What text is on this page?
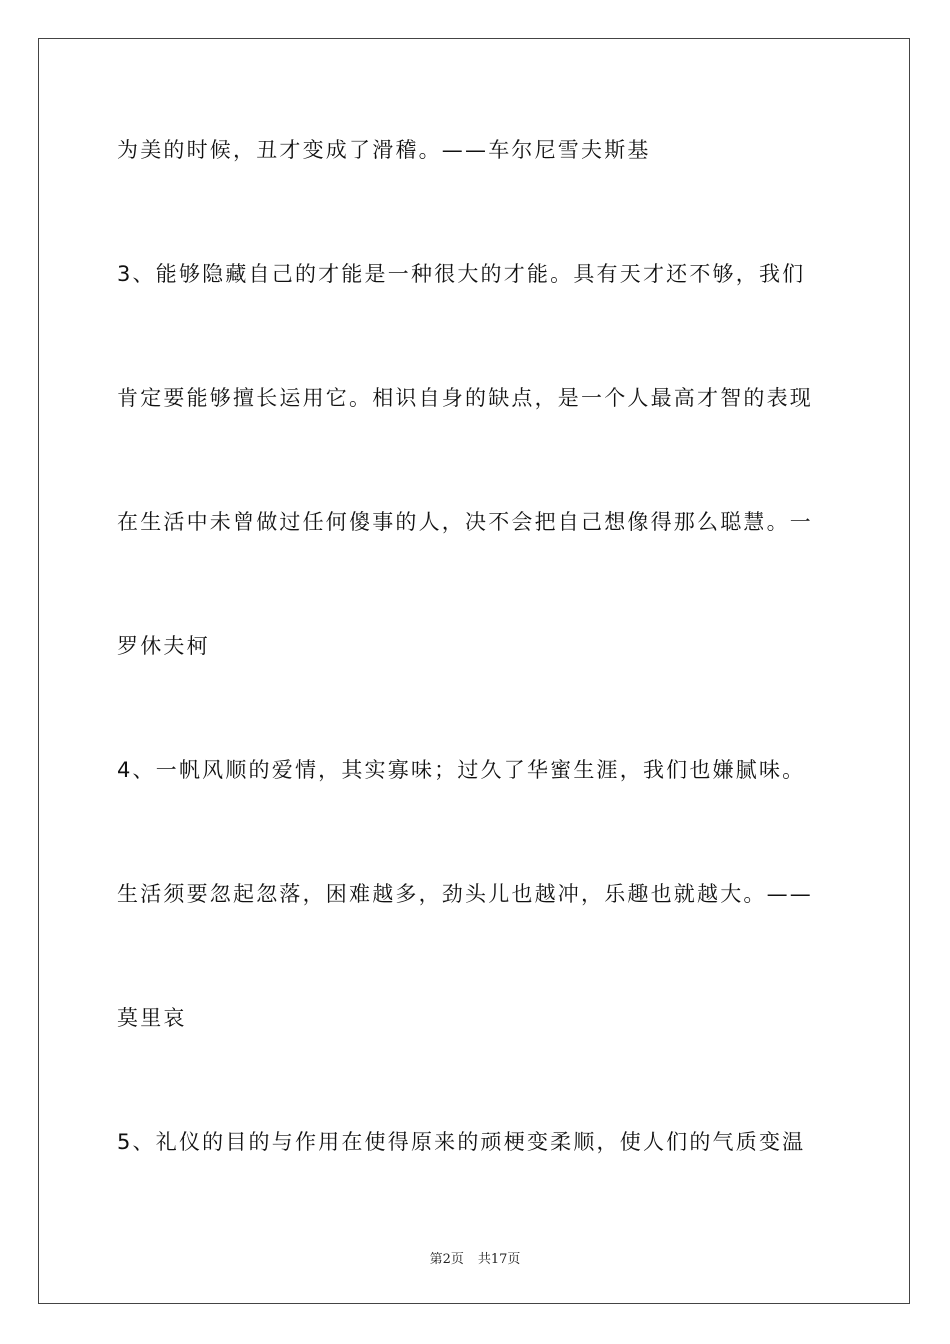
为美的时候，丑才变成了滑稽。——车尔尼雪夫斯基
3、能够隐藏自己的才能是一种很大的才能。具有天才还不够，我们
肯定要能够擅长运用它。相识自身的缺点，是一个人最高才智的表现
在生活中未曾做过任何傻事的人，决不会把自己想像得那么聪慧。一
罗休夫柯
4、一帆风顺的爱情，其实寡味；过久了华蜜生涯，我们也嫌腻味。
生活须要忽起忽落，困难越多，劲头儿也越冲，乐趣也就越大。——
莫里哀
5、礼仪的目的与作用在使得原来的顽梗变柔顺，使人们的气质变温
第2页 共17页
